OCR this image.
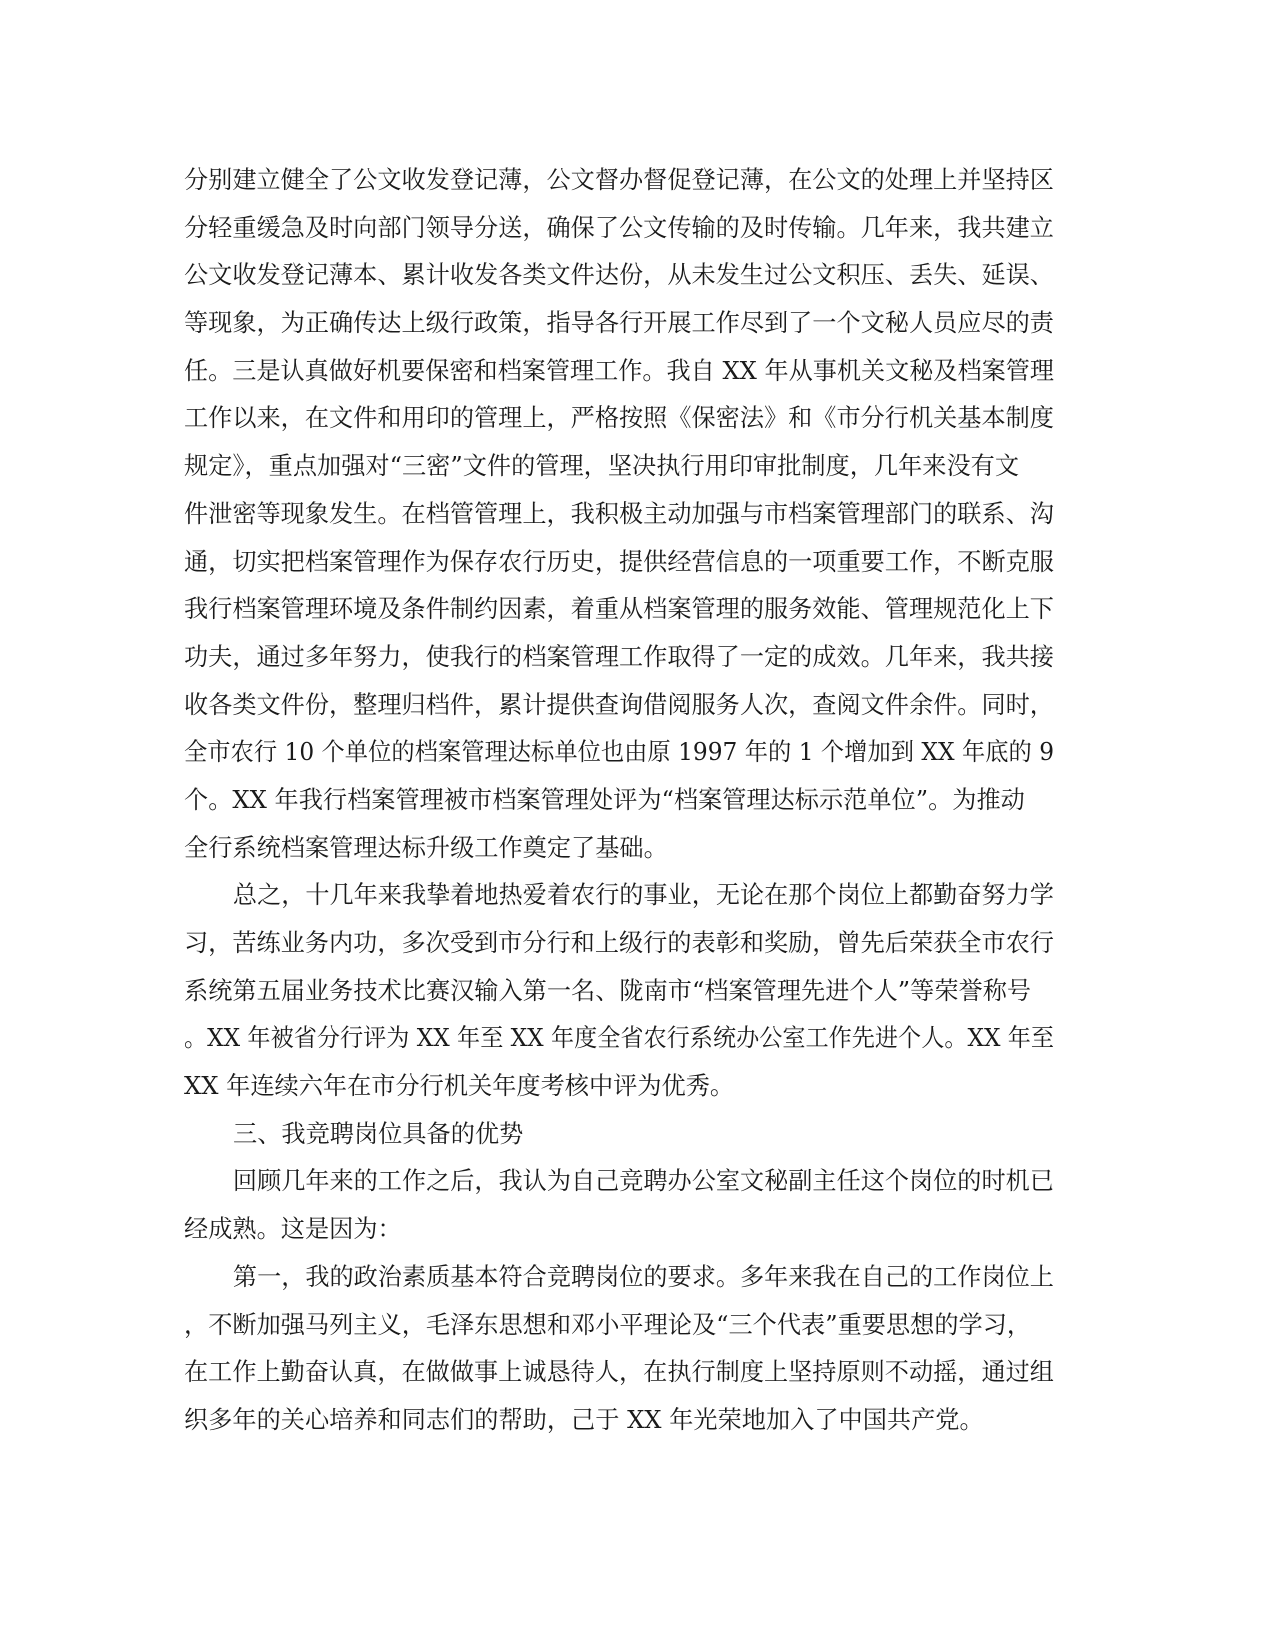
分别建立健全了公文收发登记薄，公文督办督促登记薄，在公文的处理上并坚持区
分轻重缓急及时向部门领导分送，确保了公文传输的及时传输。几年来，我共建立
公文收发登记薄本、累计收发各类文件达份，从未发生过公文积压、丢失、延误、
等现象，为正确传达上级行政策，指导各行开展工作尽到了一个文秘人员应尽的责
任。三是认真做好机要保密和档案管理工作。我自 XX 年从事机关文秘及档案管理
工作以来，在文件和用印的管理上，严格按照《保密法》和《市分行机关基本制度
规定》，重点加强对“三密”文件的管理，坚决执行用印审批制度，几年来没有文
件泄密等现象发生。在档管管理上，我积极主动加强与市档案管理部门的联系、沟
通，切实把档案管理作为保存农行历史，提供经营信息的一项重要工作，不断克服
我行档案管理环境及条件制约因素，着重从档案管理的服务效能、管理规范化上下
功夫，通过多年努力，使我行的档案管理工作取得了一定的成效。几年来，我共接
收各类文件份，整理归档件，累计提供查询借阅服务人次，查阅文件余件。同时，
全市农行 10 个单位的档案管理达标单位也由原 1997 年的 1 个增加到 XX 年底的 9
个。XX 年我行档案管理被市档案管理处评为“档案管理达标示范单位”。为推动
全行系统档案管理达标升级工作奠定了基础。
总之，十几年来我挚着地热爱着农行的事业，无论在那个岗位上都勤奋努力学
习，苦练业务内功，多次受到市分行和上级行的表彰和奖励，曾先后荣获全市农行
系统第五届业务技术比赛汉输入第一名、陇南市“档案管理先进个人”等荣誉称号
。XX 年被省分行评为 XX 年至 XX 年度全省农行系统办公室工作先进个人。XX 年至
XX 年连续六年在市分行机关年度考核中评为优秀。
三、我竞聘岗位具备的优势
回顾几年来的工作之后，我认为自己竞聘办公室文秘副主任这个岗位的时机已
经成熟。这是因为：
第一，我的政治素质基本符合竞聘岗位的要求。多年来我在自己的工作岗位上
，不断加强马列主义，毛泽东思想和邓小平理论及“三个代表”重要思想的学习，
在工作上勤奋认真，在做做事上诚恳待人，在执行制度上坚持原则不动摇，通过组
织多年的关心培养和同志们的帮助，己于 XX 年光荣地加入了中国共产党。
